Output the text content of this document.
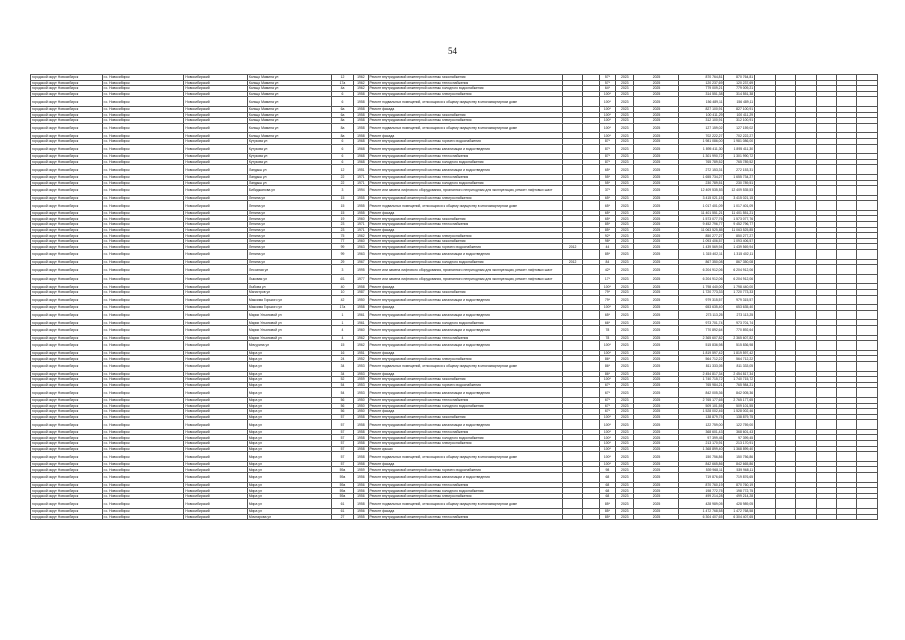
54
городской округ Новосибирск	г.о. Новосибирск	Новосибирский	Кольцо Мамина ул	12	1962	Ремонт внутридомовой инженерной системы газоснабжения			57*	2023	2025	870 764,81	870 764,81						
городской округ Новосибирск	г.о. Новосибирск	Новосибирский	Кольцо Мамина ул	17а	1962	Ремонт внутридомовой инженерной системы теплоснабжения			57*	2023	2025	120 237,69	120 237,69						
городской округ Новосибирск	г.о. Новосибирск	Новосибирский	Кольцо Мамина ул	4а	1962	Ремонт внутридомовой инженерной системы холодного водоснабжения			64*	2023	2025	779 009,21	779 009,21						
городской округ Новосибирск	г.о. Новосибирск	Новосибирский	Кольцо Мамина ул	6	1958	Ремонт внутридомовой инженерной системы электроснабжения			100*	2023	2025	314 551,38	314 551,38						
городской округ Новосибирск	г.о. Новосибирск	Новосибирский	Кольцо Мамина ул	6	1958	Ремонт подвальных помещений, относящихся к общему имуществу в многоквартирном доме			100*	2023	2025	156 489,11	156 489,11						
городской округ Новосибирск	г.о. Новосибирск	Новосибирский	Кольцо Мамина ул	6а	1958	Ремонт фасада			100*	2023	2025	827 100,91	827 100,91						
городской округ Новосибирск	г.о. Новосибирск	Новосибирский	Кольцо Мамина ул	6а	1958	Ремонт внутридомовой инженерной системы газоснабжения			100*	2023	2025	100 411,29	100 411,29						
городской округ Новосибирск	г.о. Новосибирск	Новосибирский	Кольцо Мамина ул	8а	1958	Ремонт внутридомовой инженерной системы электроснабжения			100*	2023	2025	312 100,91	312 100,91						
городской округ Новосибирск	г.о. Новосибирск	Новосибирский	Кольцо Мамина ул	8а	1958	Ремонт подвальных помещений, относящихся к общему имуществу в многоквартирном доме			100*	2023	2025	127 159,02	127 159,02						
городской округ Новосибирск	г.о. Новосибирск	Новосибирский	Кольцо Мамина ул	8а	1958	Ремонт фасада			100*	2023	2025	702 222,27	702 222,27						
городской округ Новосибирск	г.о. Новосибирск	Новосибирский	Кутузова ул	6	1968	Ремонт внутридомовой инженерной системы горячего водоснабжения			87*	2023	2025	1 981 086,00	1 981 086,00						
городской округ Новосибирск	г.о. Новосибирск	Новосибирский	Кутузова ул	6	1968	Ремонт внутридомовой инженерной системы канализации и водоотведения			87*	2023	2025	1 895 411,30	1 895 411,30						
городской округ Новосибирск	г.о. Новосибирск	Новосибирский	Кутузова ул	6	1968	Ремонт внутридомовой инженерной системы теплоснабжения			87*	2023	2025	1 301 990,72	1 301 990,72						
городской округ Новосибирск	г.о. Новосибирск	Новосибирский	Кутузова ул	6	1968	Ремонт внутридомовой инженерной системы холодного водоснабжения			87*	2023	2025	765 789,52	765 789,52						
городской округ Новосибирск	г.о. Новосибирск	Новосибирский	Ландыш ул	12	1951	Ремонт внутридомовой инженерной системы канализации и водоотведения			65*	2023	2025	272 153,31	272 153,31						
городской округ Новосибирск	г.о. Новосибирск	Новосибирский	Ландыш ул	22	1971	Ремонт внутридомовой инженерной системы теплоснабжения			55*	2023	2025	1 655 734,27	1 655 734,27						
городской округ Новосибирск	г.о. Новосибирск	Новосибирский	Ландыш ул	22	1971	Ремонт внутридомовой инженерной системы холодного водоснабжения			55*	2023	2025	230 789,51	230 789,51						
городской округ Новосибирск	г.о. Новосибирск	Новосибирский	Бибиджанова ул	3	1994	Ремонт или замена лифтового оборудования, признанного непригодным для эксплуатации, ремонт лифтовых шахт			37*	2023	2025	12 409 535,53	12 409 535,53						
городской округ Новосибирск	г.о. Новосибирск	Новосибирский	Ленина ул	15	1955	Ремонт внутридомовой инженерной системы электроснабжения			65*	2023	2025	3 415 021,15	3 415 021,15						
городской округ Новосибирск	г.о. Новосибирск	Новосибирский	Ленина ул	15	1955	Ремонт подвальных помещений, относящихся к общему имуществу в многоквартирном доме			65*	2023	2025	1 017 401,09	1 017 401,09						
городской округ Новосибирск	г.о. Новосибирск	Новосибирский	Ленина ул	15	1955	Ремонт фасада			65*	2023	2025	11 401 551,21	11 401 551,21						
городской округ Новосибирск	г.о. Новосибирск	Новосибирский	Ленина ул	19	1960	Ремонт внутридомовой инженерной системы газоснабжения			65*	2023	2025	1 573 077,76	1 573 077,76						
городской округ Новосибирск	г.о. Новосибирск	Новосибирский	Ленина ул	23	1971	Ремонт внутридомовой инженерной системы теплоснабжения			85*	2023	2025	9 452 796,77	9 452 796,77						
городской округ Новосибирск	г.о. Новосибирск	Новосибирский	Ленина ул	23	1971	Ремонт фасада			85*	2023	2025	11 063 525,85	11 063 525,85						
городской округ Новосибирск	г.о. Новосибирск	Новосибирский	Ленина ул	75	1962	Ремонт внутридомовой инженерной системы электроснабжения			92*	2023	2025	850 277,27	850 277,27						
городской округ Новосибирск	г.о. Новосибирск	Новосибирский	Ленина ул	77	1960	Ремонт внутридомовой инженерной системы газоснабжения			98*	2023	2025	1 093 406,57	1 093 406,57						
городской округ Новосибирск	г.о. Новосибирск	Новосибирский	Ленина ул	99	1963	Ремонт внутридомовой инженерной системы горячего водоснабжения	2012		44	2023	2025	1 439 569,94	1 439 569,94						
городской округ Новосибирск	г.о. Новосибирск	Новосибирский	Ленина ул	99	1963	Ремонт внутридомовой инженерной системы канализации и водоотведения			85*	2023	2025	1 315 402,11	1 315 402,11						
городской округ Новосибирск	г.о. Новосибирск	Новосибирский	Ленина ул	29	1967	Ремонт внутридомовой инженерной системы холодного водоснабжения	2012		84	2023	2025	867 350,08	867 350,08						
городской округ Новосибирск	г.о. Новосибирск	Новосибирский	Лесозная ул	3	1995	Ремонт или замена лифтового оборудования, признанного непригодным для эксплуатации, ремонт лифтовых шахт			42*	2023	2025	6 204 912,06	6 204 912,06						
городской округ Новосибирск	г.о. Новосибирск	Новосибирский	Лыковая ул	4/1	1977	Ремонт или замена лифтового оборудования, признанного непригодным для эксплуатации, ремонт лифтовых шахт			17*	2023	2025	6 204 912,06	6 204 912,06						
городской округ Новосибирск	г.о. Новосибирск	Новосибирский	Лыбова ул	40	1958	Ремонт фасада			100*	2023	2025	1 798 440,00	1 798 440,00						
городской округ Новосибирск	г.о. Новосибирск	Новосибирский	Магистров ул	10	1987	Ремонт внутридомовой инженерной системы газоснабжения			79*	2023	2025	1 720 773,33	1 720 773,33						
городской округ Новосибирск	г.о. Новосибирск	Новосибирский	Максима Горького ул	42	1950	Ремонт внутридомовой инженерной системы канализации и водоотведения			79*	2023	2025	979 315,57	979 315,57						
городской округ Новосибирск	г.о. Новосибирск	Новосибирский	Максима Горького ул	17а	1958	Ремонт фасада			100*	2023	2025	653 635,40	653 635,40						
городской округ Новосибирск	г.о. Новосибирск	Новосибирский	Марии Ульяновой ул	1	1961	Ремонт внутридомовой инженерной системы канализации и водоотведения			65*	2023	2025	273 113,25	273 113,25						
городской округ Новосибирск	г.о. Новосибирск	Новосибирский	Марии Ульяновой ул	1	1961	Ремонт внутридомовой инженерной системы холодного водоснабжения			66*	2023	2025	973 701,74	973 701,74						
городской округ Новосибирск	г.о. Новосибирск	Новосибирский	Марии Ульяновой ул	4	1960	Ремонт внутридомовой инженерной системы канализации и водоотведения			78	2023	2025	770 892,64	770 892,64						
городской округ Новосибирск	г.о. Новосибирск	Новосибирский	Марии Ульяновой ул	4	1962	Ремонт внутридомовой инженерной системы теплоснабжения			78	2023	2025	2 365 607,82	2 365 607,82						
городской округ Новосибирск	г.о. Новосибирск	Новосибирский	Мичурина ул	15	1962	Ремонт внутридомовой инженерной системы канализации и водоотведения			100*	2023	2025	515 836,98	515 836,98						
городской округ Новосибирск	г.о. Новосибирск	Новосибирский	Мира ул	16	1951	Ремонт фасада			100*	2023	2025	1 819 597,42	1 819 597,42						
городской округ Новосибирск	г.о. Новосибирск	Новосибирский	Мира ул	24	1952	Ремонт внутридомовой инженерной системы электроснабжения			86*	2023	2025	564 712,22	564 712,22						
городской округ Новосибирск	г.о. Новосибирск	Новосибирский	Мира ул	34	1953	Ремонт подвальных помещений, относящихся к общему имуществу в многоквартирном доме			86*	2023	2025	811 333,05	811 333,05						
городской округ Новосибирск	г.о. Новосибирск	Новосибирский	Мира ул	34	1953	Ремонт фасада			86*	2023	2025	2 454 817,34	2 454 817,34						
городской округ Новосибирск	г.о. Новосибирск	Новосибирский	Мира ул	52	1959	Ремонт внутридомовой инженерной системы газоснабжения			100*	2023	2025	1 740 715,72	1 740 715,72						
городской округ Новосибирск	г.о. Новосибирск	Новосибирский	Мира ул	54	1953	Ремонт внутридомовой инженерной системы горячего водоснабжения			67*	2023	2025	765 984,21	765 984,21						
городской округ Новосибирск	г.о. Новосибирск	Новосибирский	Мира ул	54	1953	Ремонт внутридомовой инженерной системы канализации и водоотведения			67*	2023	2025	842 005,36	842 005,36						
городской округ Новосибирск	г.о. Новосибирск	Новосибирский	Мира ул	56	1950	Ремонт внутридомовой инженерной системы теплоснабжения			67*	2023	2025	2 765 177,65	2 765 177,65						
городской округ Новосибирск	г.о. Новосибирск	Новосибирский	Мира ул	56	1950	Ремонт внутридомовой инженерной системы холодного водоснабжения			67*	2023	2025	509 101,55	509 101,55						
городской округ Новосибирск	г.о. Новосибирск	Новосибирский	Мира ул	56	1950	Ремонт фасада			67*	2023	2025	1 528 002,46	1 528 002,46						
городской округ Новосибирск	г.о. Новосибирск	Новосибирский	Мира ул	57	1958	Ремонт внутридомовой инженерной системы газоснабжения			100*	2023	2025	138 879,75	138 879,75						
городской округ Новосибирск	г.о. Новосибирск	Новосибирский	Мира ул	57	1958	Ремонт внутридомовой инженерной системы канализации и водоотведения			100*	2023	2025	122 759,00	122 759,00						
городской округ Новосибирск	г.о. Новосибирск	Новосибирский	Мира ул	57	1958	Ремонт внутридомовой инженерной системы теплоснабжения			100*	2023	2025	368 601,43	368 601,43						
городской округ Новосибирск	г.о. Новосибирск	Новосибирский	Мира ул	57	1958	Ремонт внутридомовой инженерной системы холодного водоснабжения			100*	2023	2025	97 399,45	97 399,45						
городской округ Новосибирск	г.о. Новосибирск	Новосибирский	Мира ул	57	1958	Ремонт внутридомовой инженерной системы электроснабжения			100*	2023	2025	213 170,91	213 170,91						
городской округ Новосибирск	г.о. Новосибирск	Новосибирский	Мира ул	57	1958	Ремонт крыши			100*	2023	2025	1 368 899,40	1 368 899,40						
городской округ Новосибирск	г.о. Новосибирск	Новосибирский	Мира ул	57	1958	Ремонт подвальных помещений, относящихся к общему имуществу в многоквартирном доме			100*	2023	2025	150 756,86	150 756,86						
городской округ Новосибирск	г.о. Новосибирск	Новосибирский	Мира ул	57	1958	Ремонт фасада			100*	2023	2025	842 665,86	842 665,86						
городской округ Новосибирск	г.о. Новосибирск	Новосибирский	Мира ул	59а	1959	Ремонт внутридомовой инженерной системы горячего водоснабжения			98	2023	2025	539 968,11	539 968,11						
городской округ Новосибирск	г.о. Новосибирск	Новосибирский	Мира ул	59а	1956	Ремонт внутридомовой инженерной системы канализации и водоотведения			68	2023	2025	719 876,65	719 876,65						
городской округ Новосибирск	г.о. Новосибирск	Новосибирский	Мира ул	59а	1956	Ремонт внутридомовой инженерной системы теплоснабжения			68	2023	2025	870 760,19	870 760,19						
городской округ Новосибирск	г.о. Новосибирск	Новосибирский	Мира ул	59а	1956	Ремонт внутридомовой инженерной системы холодного водоснабжения			68	2023	2025	198 772,75	198 772,75						
городской округ Новосибирск	г.о. Новосибирск	Новосибирский	Мира ул	59а	1956	Ремонт внутридомовой инженерной системы электроснабжения			68	2023	2025	499 214,28	499 214,28						
городской округ Новосибирск	г.о. Новосибирск	Новосибирский	Мира ул	61	1958	Ремонт подвальных помещений, относящихся к общему имуществу в многоквартирном доме			85*	2023	2025	428 989,05	428 989,05						
городской округ Новосибирск	г.о. Новосибирск	Новосибирский	Мира ул	61	1956	Ремонт фасада			85*	2023	2025	1 472 768,58	1 472 768,58						
городской округ Новосибирск	г.о. Новосибирск	Новосибирский	Мочнарова ул	27	1955	Ремонт внутридомовой инженерной системы теплоснабжения			85*	2023	2025	6 304 407,65	6 304 407,65						
